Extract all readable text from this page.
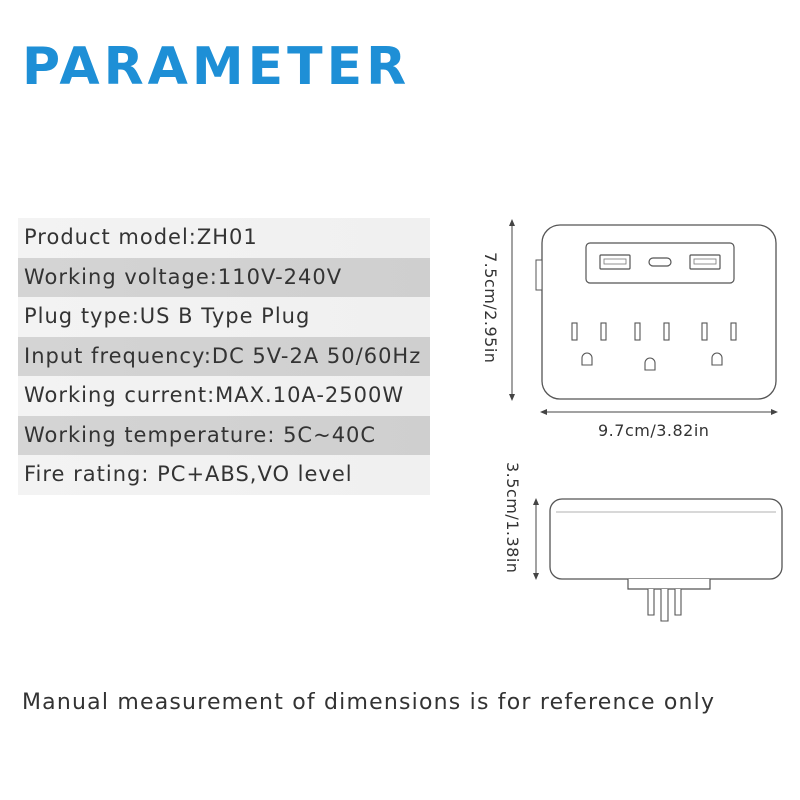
PARAMETER
Product model:ZH01
Working voltage:110V-240V
Plug type:US B Type Plug
Input frequency:DC 5V-2A 50/60Hz
Working current:MAX.10A-2500W
Working temperature: 5C~40C
Fire rating: PC+ABS,VO level
7.5cm/2.95in
9.7cm/3.82in
3.5cm/1.38in
Manual measurement of dimensions is for reference only
